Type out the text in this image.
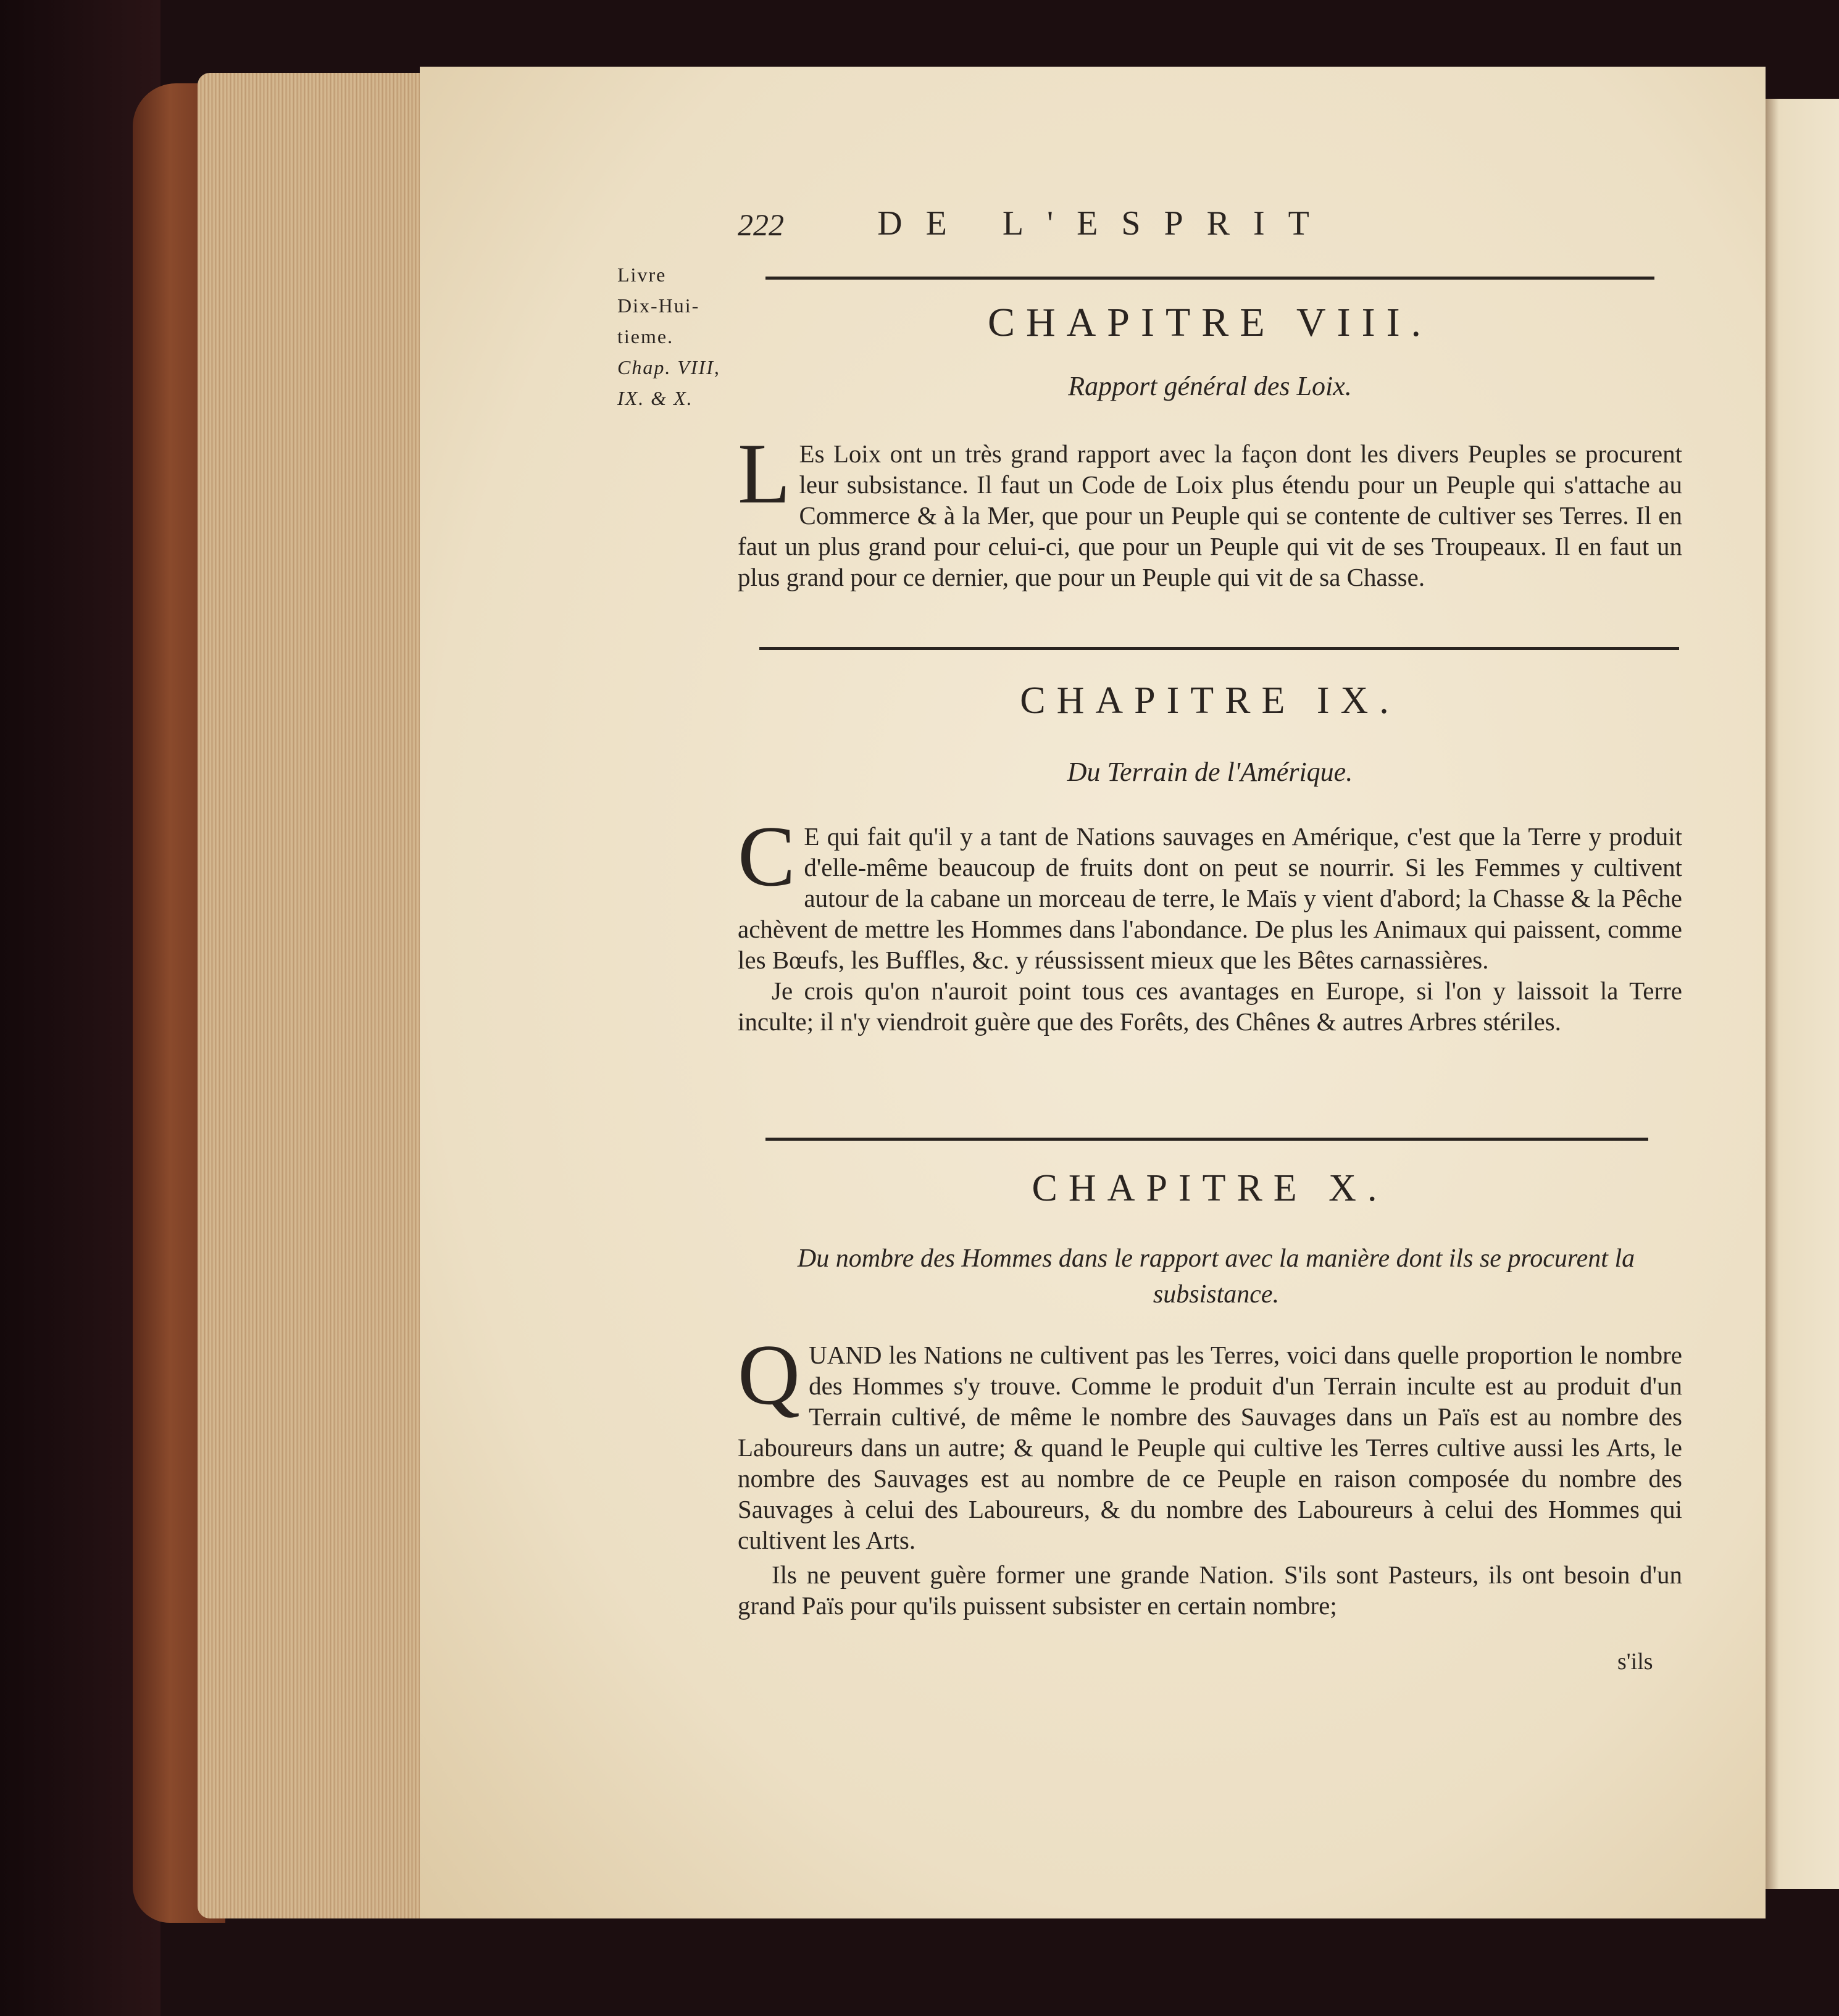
222	DE L'ESPRIT
Livre
Dix-Hui-
tieme.
Chap. VIII,
IX. & X.
CHAPITRE VIII.
Rapport général des Loix.
L Es Loix ont un très grand rapport avec la façon dont les divers Peuples se procurent leur subsistance. Il faut un Code de Loix plus étendu pour un Peuple qui s'attache au Commerce & à la Mer, que pour un Peuple qui se contente de cultiver ses Terres. Il en faut un plus grand pour celui-ci, que pour un Peuple qui vit de ses Troupeaux. Il en faut un plus grand pour ce dernier, que pour un Peuple qui vit de sa Chasse.
CHAPITRE IX.
Du Terrain de l'Amérique.
C E qui fait qu'il y a tant de Nations sauvages en Amérique, c'est que la Terre y produit d'elle-même beaucoup de fruits dont on peut se nourrir. Si les Femmes y cultivent autour de la cabane un morceau de terre, le Maïs y vient d'abord; la Chasse & la Pêche achèvent de mettre les Hommes dans l'abondance. De plus les Animaux qui paissent, comme les Bœufs, les Buffles, &c. y réussissent mieux que les Bêtes carnassières.
Je crois qu'on n'auroit point tous ces avantages en Europe, si l'on y laissoit la Terre inculte; il n'y viendroit guère que des Forêts, des Chênes & autres Arbres stériles.
CHAPITRE X.
Du nombre des Hommes dans le rapport avec la manière dont ils se procurent la subsistance.
Q UAND les Nations ne cultivent pas les Terres, voici dans quelle proportion le nombre des Hommes s'y trouve. Comme le produit d'un Terrain inculte est au produit d'un Terrain cultivé, de même le nombre des Sauvages dans un Païs est au nombre des Laboureurs dans un autre; & quand le Peuple qui cultive les Terres cultive aussi les Arts, le nombre des Sauvages est au nombre de ce Peuple en raison composée du nombre des Sauvages à celui des Laboureurs, & du nombre des Laboureurs à celui des Hommes qui cultivent les Arts.
Ils ne peuvent guère former une grande Nation. S'ils sont Pasteurs, ils ont besoin d'un grand Païs pour qu'ils puissent subsister en certain nombre;
s'ils
